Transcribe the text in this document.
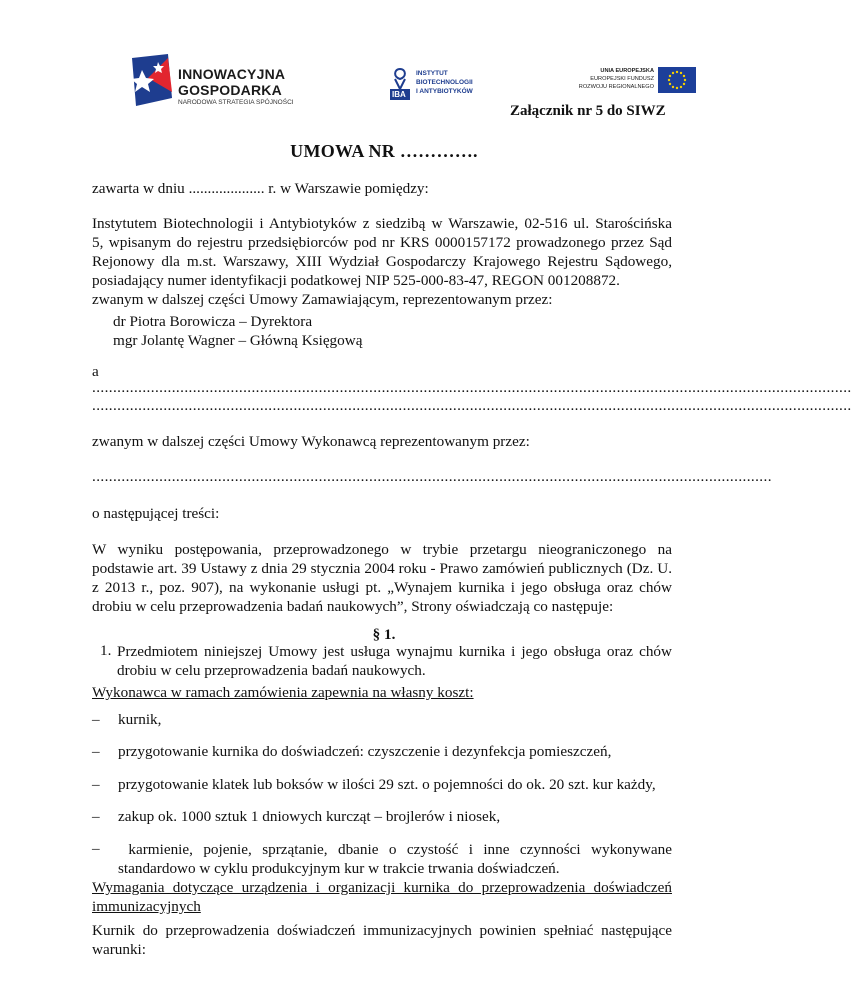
INNOWACYJNA
GOSPODARKA
NARODOWA STRATEGIA SPÓJNOŚCI
IBA
INSTYTUT
BIOTECHNOLOGII
I ANTYBIOTYKÓW
UNIA EUROPEJSKA
EUROPEJSKI FUNDUSZ
ROZWOJU REGIONALNEGO
Załącznik nr 5 do SIWZ
UMOWA NR ………….
zawarta w dniu .................... r. w Warszawie pomiędzy:
Instytutem Biotechnologii i Antybiotyków z siedzibą w Warszawie, 02-516 ul. Starościńska
5, wpisanym do rejestru przedsiębiorców pod nr KRS 0000157172 prowadzonego przez Sąd
Rejonowy dla m.st. Warszawy, XIII Wydział Gospodarczy Krajowego Rejestru Sądowego,
posiadający numer identyfikacji podatkowej NIP 525-000-83-47, REGON 001208872.
zwanym w dalszej części Umowy Zamawiającym, reprezentowanym przez:
dr Piotra Borowicza – Dyrektora
mgr Jolantę Wagner – Główną Księgową
a
.....................................................................................................................................................................................
.....................................................................................................................................................................................
zwanym w dalszej części Umowy Wykonawcą reprezentowanym przez:
..................................................................................................................................................................
o następującej treści:
W wyniku postępowania, przeprowadzonego w trybie przetargu nieograniczonego na
podstawie art. 39 Ustawy z dnia 29 stycznia 2004 roku - Prawo zamówień publicznych (Dz. U.
z 2013 r., poz. 907), na wykonanie usługi pt. „Wynajem kurnika i jego obsługa oraz chów
drobiu w celu przeprowadzenia badań naukowych”, Strony oświadczają co następuje:
§ 1.
1. Przedmiotem niniejszej Umowy jest usługa wynajmu kurnika i jego obsługa oraz chów
drobiu w celu przeprowadzenia badań naukowych.
Wykonawca w ramach zamówienia zapewnia na własny koszt:
– kurnik,
– przygotowanie kurnika do doświadczeń: czyszczenie i dezynfekcja pomieszczeń,
– przygotowanie klatek lub boksów w ilości 29 szt. o pojemności do ok. 20 szt. kur każdy,
– zakup ok. 1000 sztuk 1 dniowych kurcząt – brojlerów i niosek,
– karmienie, pojenie, sprzątanie, dbanie o czystość i inne czynności wykonywane
standardowo w cyklu produkcyjnym kur w trakcie trwania doświadczeń.
Wymagania dotyczące urządzenia i organizacji kurnika do przeprowadzenia doświadczeń
immunizacyjnych
Kurnik do przeprowadzenia doświadczeń immunizacyjnych powinien spełniać następujące
warunki:
